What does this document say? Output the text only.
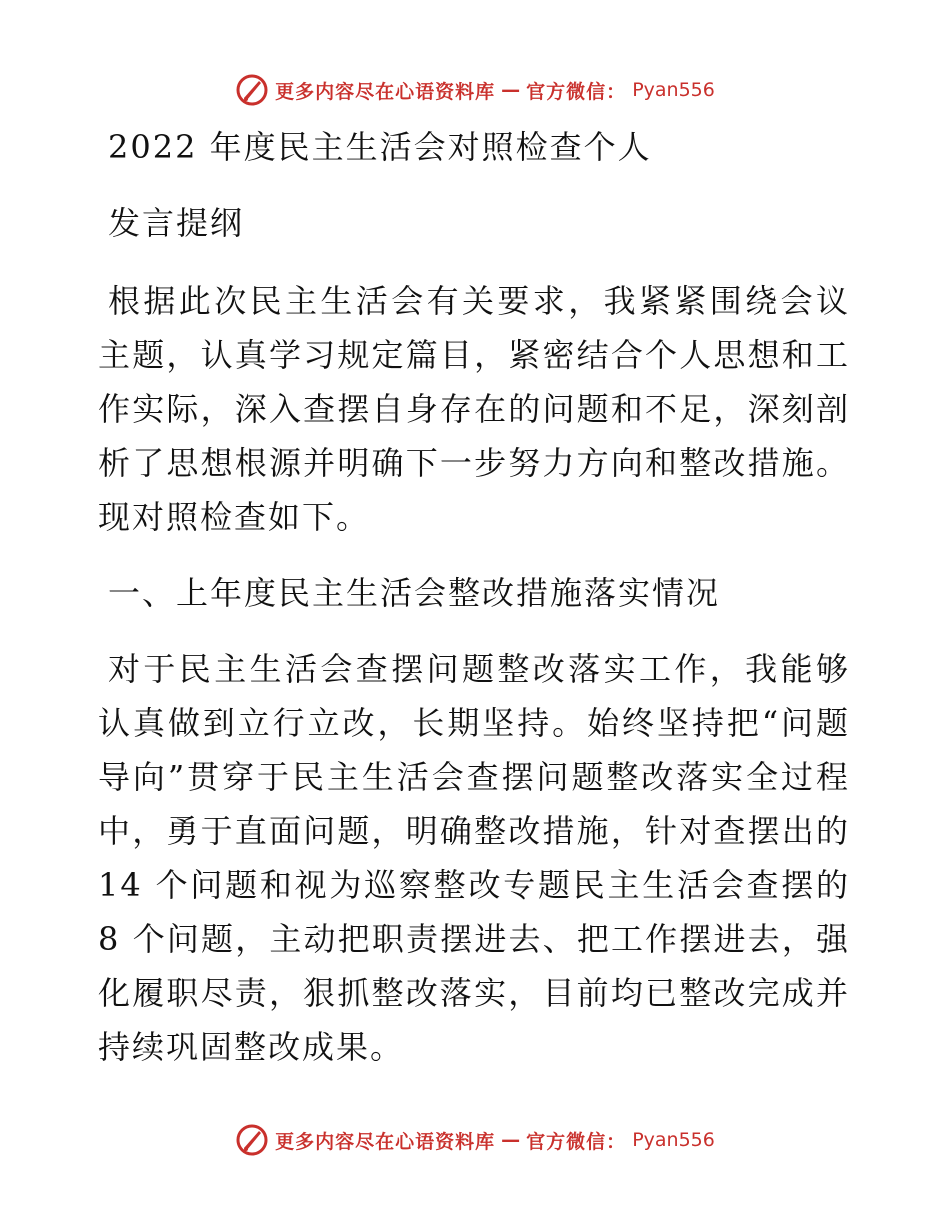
更多内容尽在心语资料库 — 官方微信： Pyan556
2022 年度民主生活会对照检查个人
发言提纲

根据此次民主生活会有关要求，我紧紧围绕会议主题，认真学习规定篇目，紧密结合个人思想和工作实际，深入查摆自身存在的问题和不足，深刻剖析了思想根源并明确下一步努力方向和整改措施。现对照检查如下。

一、上年度民主生活会整改措施落实情况

对于民主生活会查摆问题整改落实工作，我能够认真做到立行立改，长期坚持。始终坚持把“问题导向”贯穿于民主生活会查摆问题整改落实全过程中，勇于直面问题，明确整改措施，针对查摆出的14 个问题和视为巡察整改专题民主生活会查摆的 8 个问题，主动把职责摆进去、把工作摆进去，强化履职尽责，狠抓整改落实，目前均已整改完成并持续巩固整改成果。

更多内容尽在心语资料库 — 官方微信： Pyan556
